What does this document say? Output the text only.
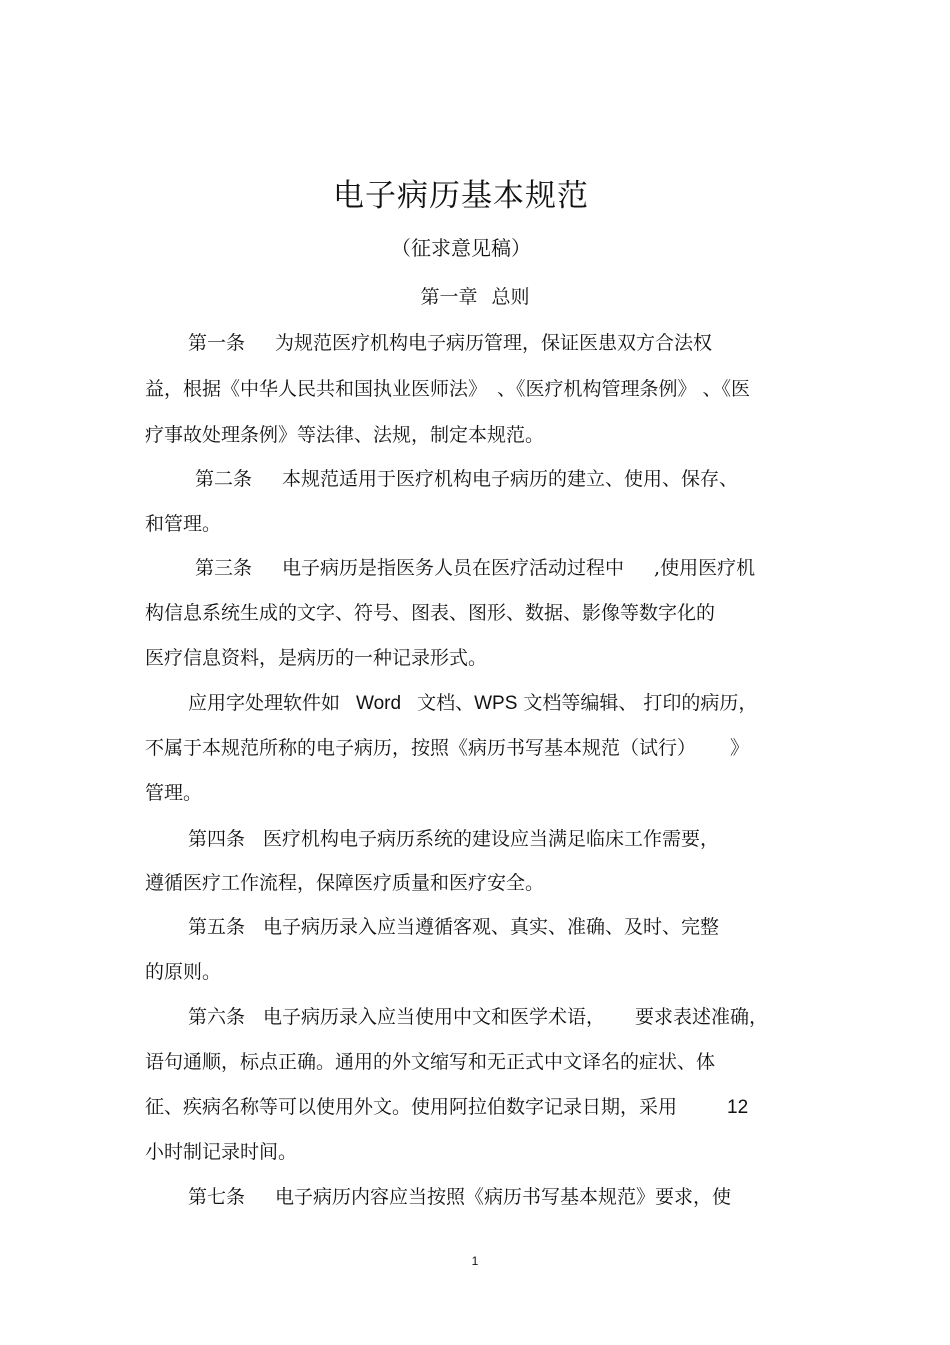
电子病历基本规范
（征求意见稿）
第一章 总则
第一条 为规范医疗机构电子病历管理，保证医患双方合法权
益，根据《中华人民共和国执业医师法》 、《医疗机构管理条例》 、《医
疗事故处理条例》等法律、法规，制定本规范。
第二条 本规范适用于医疗机构电子病历的建立、使用、保存、
和管理。
第三条 电子病历是指医务人员在医疗活动过程中 ,使用医疗机
构信息系统生成的文字、符号、图表、图形、数据、影像等数字化的
医疗信息资料，是病历的一种记录形式。
应用字处理软件如 Word 文档、WPS 文档等编辑、 打印的病历，
不属于本规范所称的电子病历，按照《病历书写基本规范（试行） 》
管理。
第四条 医疗机构电子病历系统的建设应当满足临床工作需要，
遵循医疗工作流程，保障医疗质量和医疗安全。
第五条 电子病历录入应当遵循客观、真实、准确、及时、完整
的原则。
第六条 电子病历录入应当使用中文和医学术语， 要求表述准确，
语句通顺，标点正确。通用的外文缩写和无正式中文译名的症状、体
征、疾病名称等可以使用外文。使用阿拉伯数字记录日期，采用	12
小时制记录时间。
第七条 电子病历内容应当按照《病历书写基本规范》要求，使
1
